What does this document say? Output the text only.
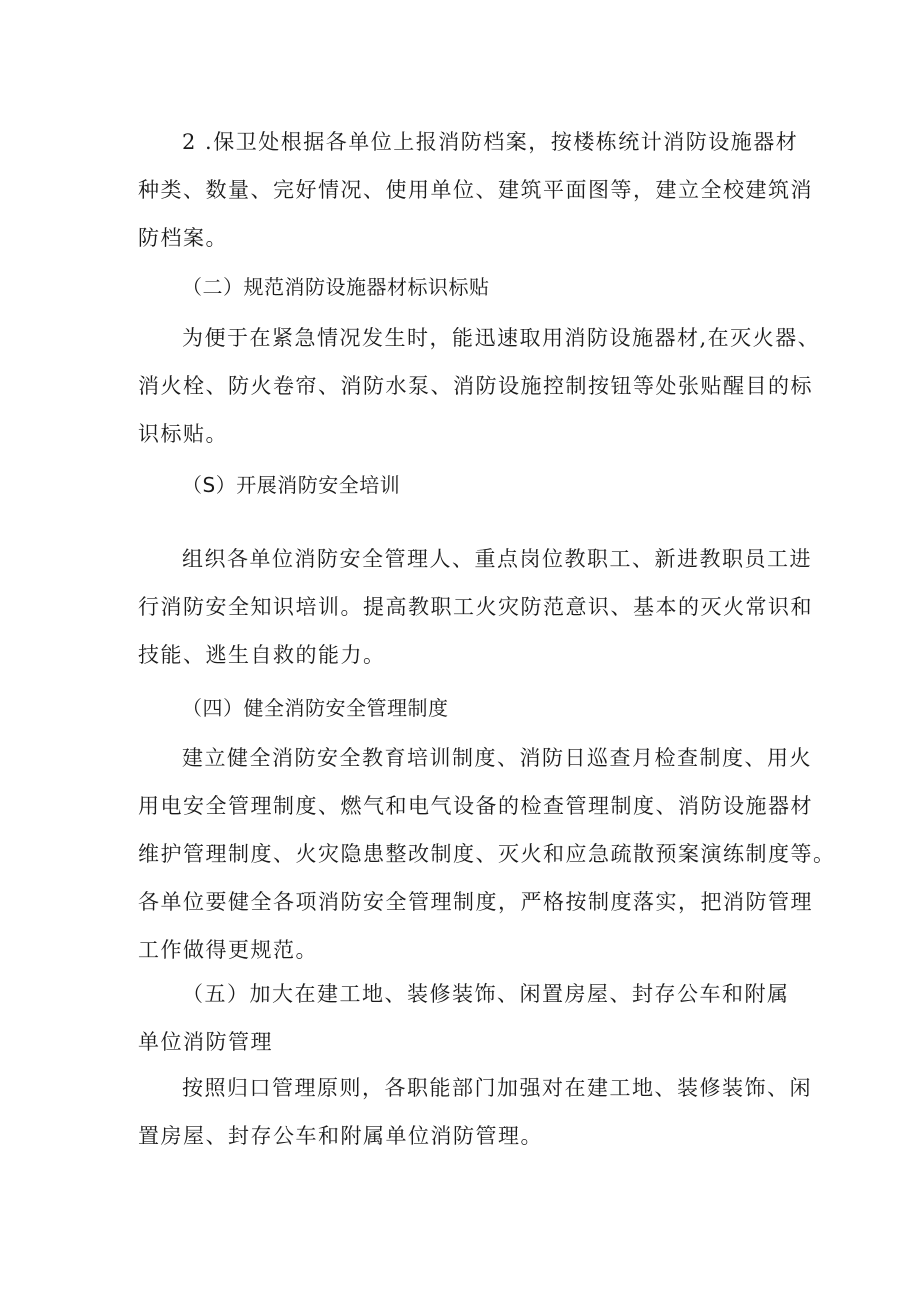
2 .保卫处根据各单位上报消防档案，按楼栋统计消防设施器材
种类、数量、完好情况、使用单位、建筑平面图等，建立全校建筑消
防档案。

（二）规范消防设施器材标识标贴

为便于在紧急情况发生时，能迅速取用消防设施器材,在灭火器、
消火栓、防火卷帘、消防水泵、消防设施控制按钮等处张贴醒目的标
识标贴。

（S）开展消防安全培训

组织各单位消防安全管理人、重点岗位教职工、新进教职员工进
行消防安全知识培训。提高教职工火灾防范意识、基本的灭火常识和
技能、逃生自救的能力。

（四）健全消防安全管理制度

建立健全消防安全教育培训制度、消防日巡查月检查制度、用火
用电安全管理制度、燃气和电气设备的检查管理制度、消防设施器材
维护管理制度、火灾隐患整改制度、灭火和应急疏散预案演练制度等。
各单位要健全各项消防安全管理制度，严格按制度落实，把消防管理
工作做得更规范。

（五）加大在建工地、装修装饰、闲置房屋、封存公车和附属
单位消防管理

按照归口管理原则，各职能部门加强对在建工地、装修装饰、闲
置房屋、封存公车和附属单位消防管理。
